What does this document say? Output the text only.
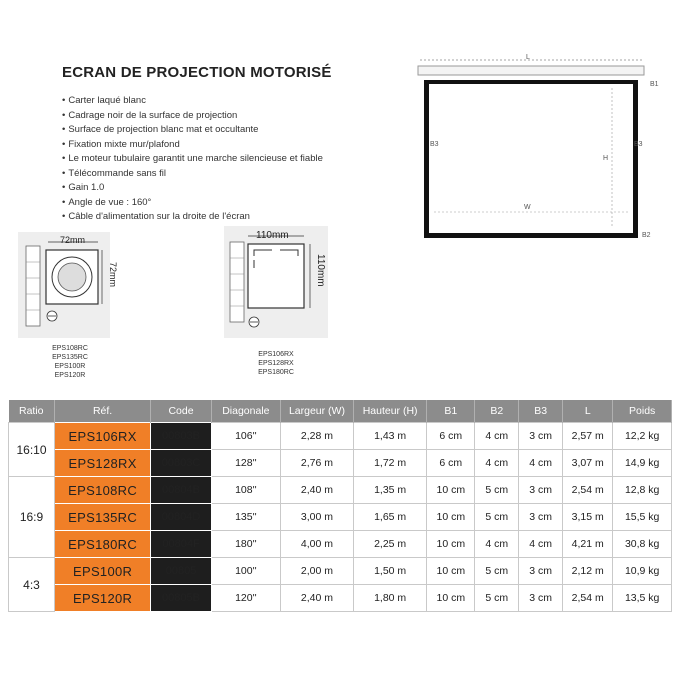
ECRAN DE PROJECTION MOTORISÉ
• Carter laqué blanc
• Cadrage noir de la surface de projection
• Surface de projection blanc mat et occultante
• Fixation mixte mur/plafond
• Le moteur tubulaire garantit une marche silencieuse et fiable
• Télécommande sans fil
• Gain 1.0
• Angle de vue : 160°
• Câble d'alimentation sur la droite de l'écran
L
B1
B3	B3
H
W
B2
72mm
72mm
EPS108RC
EPS135RC
EPS100R
EPS120R
110mm
110mm
EPS106RX
EPS128RX
EPS180RC
Ratio	Réf.	Code	Diagonale	Largeur (W)	Hauteur (H)	B1	B2	B3	L	Poids
16:10	EPS106RX	00803B	106''	2,28 m	1,43 m	6 cm	4 cm	3 cm	2,57 m	12,2 kg
	EPS128RX	00803C	128''	2,76 m	1,72 m	6 cm	4 cm	4 cm	3,07 m	14,9 kg
16:9	EPS108RC	00804B	108''	2,40 m	1,35 m	10 cm	5 cm	3 cm	2,54 m	12,8 kg
	EPS135RC	00804D	135''	3,00 m	1,65 m	10 cm	5 cm	3 cm	3,15 m	15,5 kg
	EPS180RC	00804F	180''	4,00 m	2,25 m	10 cm	4 cm	4 cm	4,21 m	30,8 kg
4:3	EPS100R	00805	100''	2,00 m	1,50 m	10 cm	5 cm	3 cm	2,12 m	10,9 kg
	EPS120R	00805B	120''	2,40 m	1,80 m	10 cm	5 cm	3 cm	2,54 m	13,5 kg
